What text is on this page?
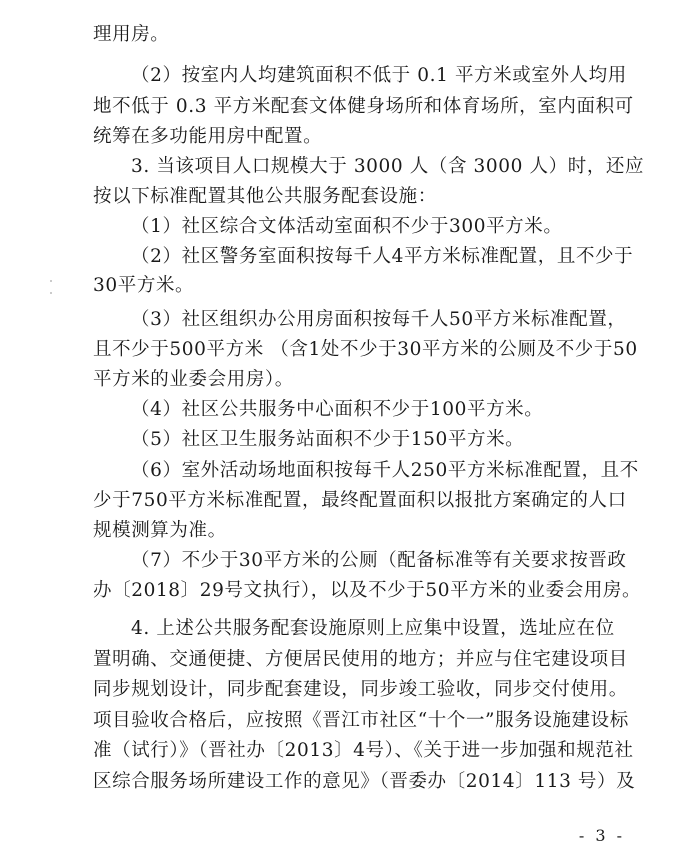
理用房。
（2）按室内人均建筑面积不低于 0.1 平方米或室外人均用
地不低于 0.3 平方米配套文体健身场所和体育场所，室内面积可
统筹在多功能用房中配置。
3. 当该项目人口规模大于 3000 人（含 3000 人）时，还应
按以下标准配置其他公共服务配套设施：
（1）社区综合文体活动室面积不少于300平方米。
（2）社区警务室面积按每千人4平方米标准配置，且不少于
30平方米。
（3）社区组织办公用房面积按每千人50平方米标准配置，
且不少于500平方米 （含1处不少于30平方米的公厕及不少于50
平方米的业委会用房）。
（4）社区公共服务中心面积不少于100平方米。
（5）社区卫生服务站面积不少于150平方米。
（6）室外活动场地面积按每千人250平方米标准配置，且不
少于750平方米标准配置，最终配置面积以报批方案确定的人口
规模测算为准。
（7）不少于30平方米的公厕（配备标准等有关要求按晋政
办〔2018〕29号文执行），以及不少于50平方米的业委会用房。
4. 上述公共服务配套设施原则上应集中设置，选址应在位
置明确、交通便捷、方便居民使用的地方；并应与住宅建设项目
同步规划设计，同步配套建设，同步竣工验收，同步交付使用。
项目验收合格后，应按照《晋江市社区“十个一”服务设施建设标
准（试行）》（晋社办〔2013〕4号）、《关于进一步加强和规范社
区综合服务场所建设工作的意见》（晋委办〔2014〕113 号）及
- 3 -
